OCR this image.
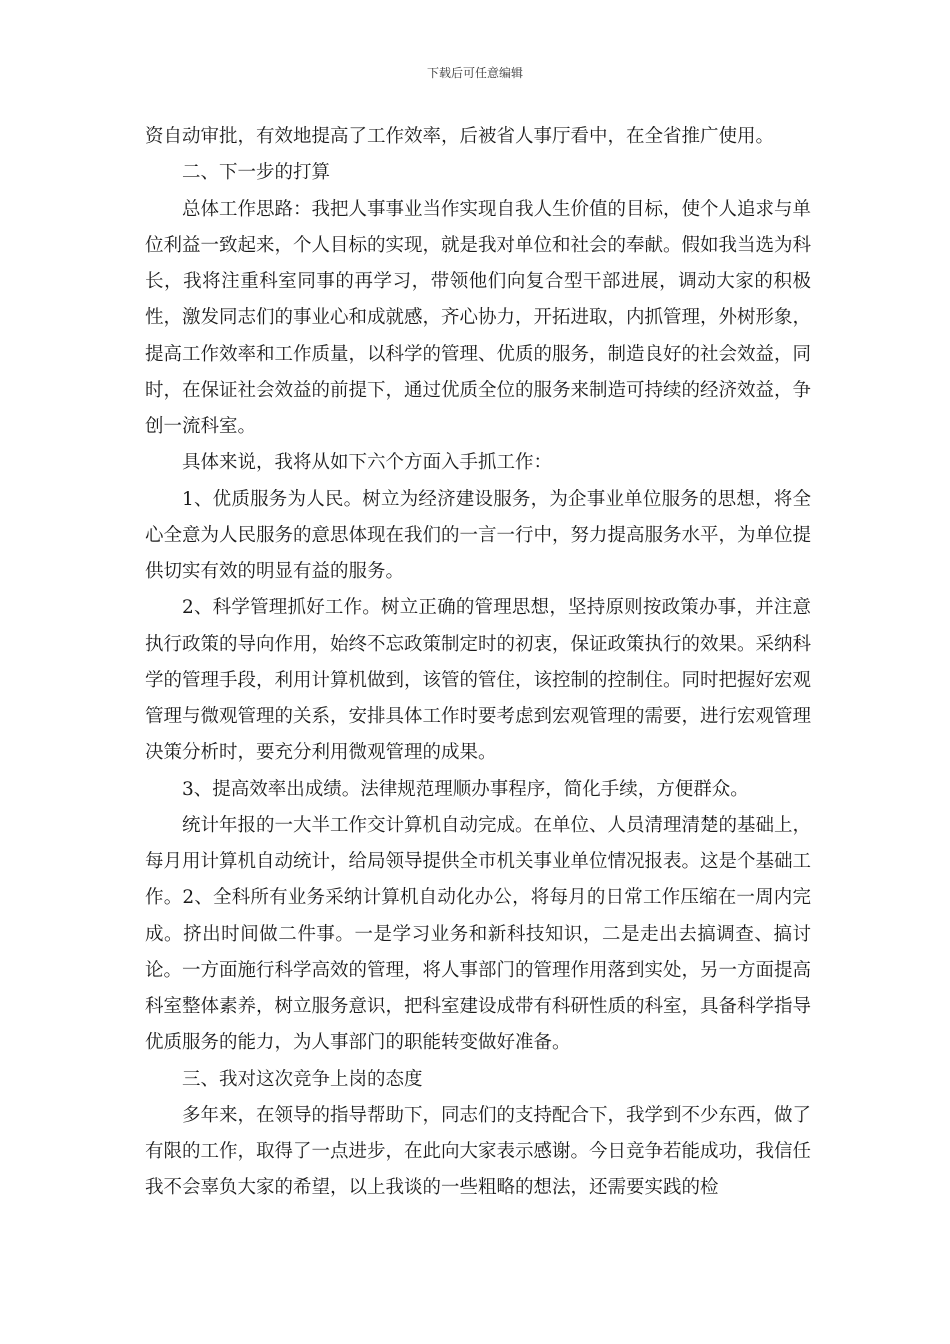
下载后可任意编辑

资自动审批，有效地提高了工作效率，后被省人事厅看中，在全省推广使用。

二、下一步的打算

总体工作思路：我把人事事业当作实现自我人生价值的目标，使个人追求与单位利益一致起来，个人目标的实现，就是我对单位和社会的奉献。假如我当选为科长，我将注重科室同事的再学习，带领他们向复合型干部进展，调动大家的积极性，激发同志们的事业心和成就感，齐心协力，开拓进取，内抓管理，外树形象，提高工作效率和工作质量，以科学的管理、优质的服务，制造良好的社会效益，同时，在保证社会效益的前提下，通过优质全位的服务来制造可持续的经济效益，争创一流科室。

具体来说，我将从如下六个方面入手抓工作：

1、优质服务为人民。树立为经济建设服务，为企事业单位服务的思想，将全心全意为人民服务的意思体现在我们的一言一行中，努力提高服务水平，为单位提供切实有效的明显有益的服务。

2、科学管理抓好工作。树立正确的管理思想，坚持原则按政策办事，并注意执行政策的导向作用，始终不忘政策制定时的初衷，保证政策执行的效果。采纳科学的管理手段，利用计算机做到，该管的管住，该控制的控制住。同时把握好宏观管理与微观管理的关系，安排具体工作时要考虑到宏观管理的需要，进行宏观管理决策分析时，要充分利用微观管理的成果。

3、提高效率出成绩。法律规范理顺办事程序，简化手续，方便群众。

统计年报的一大半工作交计算机自动完成。在单位、人员清理清楚的基础上，每月用计算机自动统计，给局领导提供全市机关事业单位情况报表。这是个基础工作。2、全科所有业务采纳计算机自动化办公，将每月的日常工作压缩在一周内完成。挤出时间做二件事。一是学习业务和新科技知识，二是走出去搞调查、搞讨论。一方面施行科学高效的管理，将人事部门的管理作用落到实处，另一方面提高科室整体素养，树立服务意识，把科室建设成带有科研性质的科室，具备科学指导优质服务的能力，为人事部门的职能转变做好准备。

三、我对这次竞争上岗的态度

多年来，在领导的指导帮助下，同志们的支持配合下，我学到不少东西，做了有限的工作，取得了一点进步，在此向大家表示感谢。今日竞争若能成功，我信任我不会辜负大家的希望，以上我谈的一些粗略的想法，还需要实践的检
